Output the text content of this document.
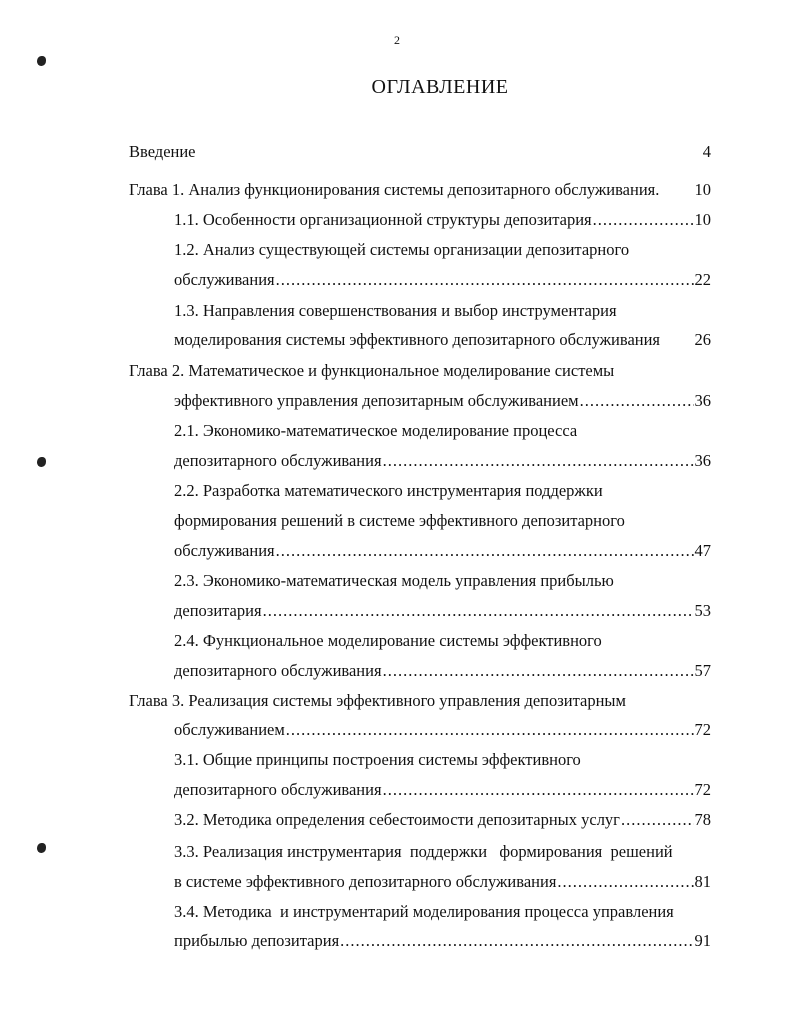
2
ОГЛАВЛЕНИЕ
Введение	4
Глава 1. Анализ функционирования системы депозитарного обслуживания. 10
1.1. Особенности организационной структуры депозитария .....	10
1.2. Анализ существующей системы организации депозитарного
обслуживания .....	22
1.3. Направления совершенствования и выбор инструментария
моделирования системы эффективного депозитарного обслуживания 26
Глава 2. Математическое и функциональное моделирование системы
эффективного управления депозитарным обслуживанием .....	36
2.1. Экономико-математическое моделирование процесса
депозитарного обслуживания .....	36
2.2. Разработка математического инструментария поддержки
формирования решений в системе эффективного депозитарного
обслуживания .....	47
2.3. Экономико-математическая модель управления прибылью
депозитария .....	53
2.4. Функциональное моделирование системы эффективного
депозитарного обслуживания .....	57
Глава 3. Реализация системы эффективного управления депозитарным
обслуживанием .....	72
3.1. Общие принципы построения системы эффективного
депозитарного обслуживания .....	72
3.2. Методика определения себестоимости депозитарных услуг .....	78
3.3. Реализация инструментария  поддержки   формирования  решений
в системе эффективного депозитарного обслуживания .....	81
3.4. Методика  и инструментарий моделирования процесса управления
прибылью депозитария .....	91
